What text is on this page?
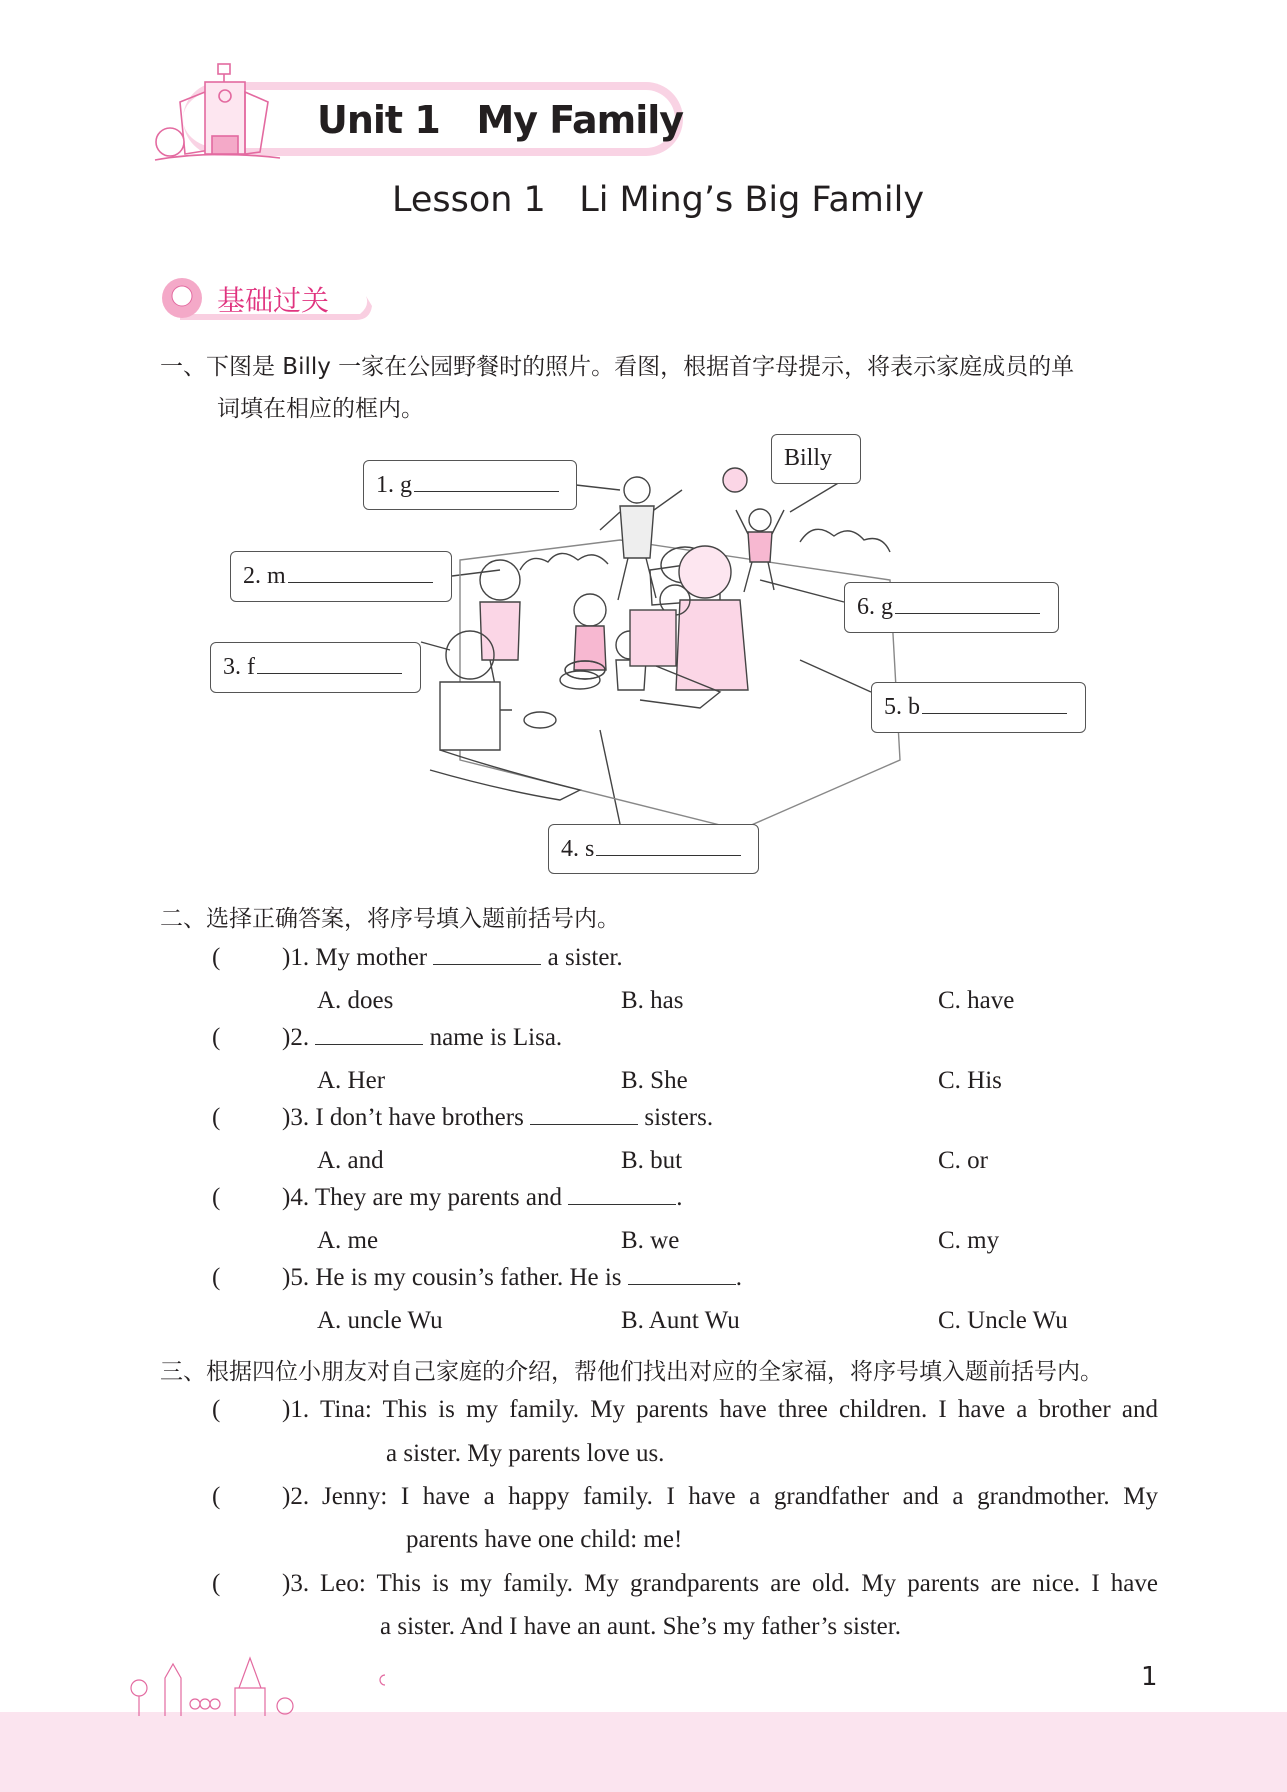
Unit 1   My Family
Lesson 1   Li Ming’s Big Family
基础过关
一、下图是 Billy 一家在公园野餐时的照片。看图，根据首字母提示，将表示家庭成员的单
词填在相应的框内。
1. g
Billy
2. m
6. g
3. f
5. b
4. s
二、选择正确答案，将序号填入题前括号内。
( )1. My mother	a sister.
A. does	B. has	C. have
( )2.	name is Lisa.
A. Her	B. She	C. His
( )3. I don’t have brothers	sisters.
A. and	B. but	C. or
( )4. They are my parents and	.
A. me	B. we	C. my
( )5. He is my cousin’s father. He is	.
A. uncle Wu	B. Aunt Wu	C. Uncle Wu
三、根据四位小朋友对自己家庭的介绍，帮他们找出对应的全家福，将序号填入题前括号内。
( )1. Tina: This is my family. My parents have three children. I have a brother and
a sister. My parents love us.
( )2. Jenny: I have a happy family. I have a grandfather and a grandmother. My
parents have one child: me!
( )3. Leo: This is my family. My grandparents are old. My parents are nice. I have
a sister. And I have an aunt. She’s my father’s sister.
1
